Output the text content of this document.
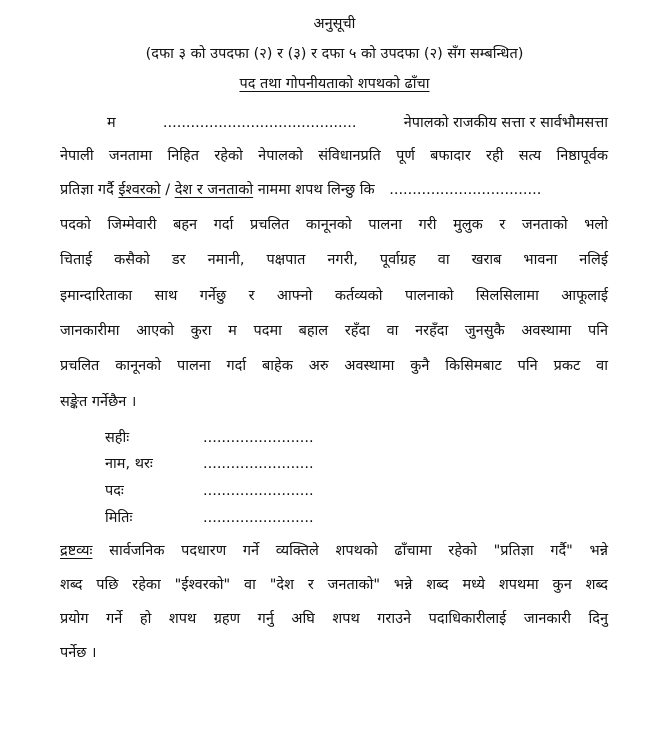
अनुसूची

(दफा ३ को उपदफा (२) र (३) र दफा ५ को उपदफा (२) सँग सम्बन्धित)

पद तथा गोपनीयताको शपथको ढाँचा

म	..........................................	नेपालको राजकीय सत्ता र सार्वभौमसत्ता

नेपाली जनतामा निहित रहेको नेपालको संविधानप्रति पूर्ण बफादार रही सत्य निष्ठापूर्वक

प्रतिज्ञा गर्दै ईश्वरको / देश र जनताको नाममा शपथ लिन्छु कि .................................

पदको जिम्मेवारी बहन गर्दा प्रचलित कानूनको पालना गरी मुलुक र जनताको भलो

चिताई कसैको डर नमानी, पक्षपात नगरी, पूर्वाग्रह वा खराब भावना नलिई

इमान्दारिताका साथ गर्नेछु र आफ्नो कर्तव्यको पालनाको सिलसिलामा आफूलाई

जानकारीमा आएको कुरा म पदमा बहाल रहँदा वा नरहँदा जुनसुकै अवस्थामा पनि

प्रचलित कानूनको पालना गर्दा बाहेक अरु अवस्थामा कुनै किसिमबाट पनि प्रकट वा

सङ्केत गर्नेछैन ।

सहीः	........................
नाम, थरः	........................
पदः	........................
मितिः	........................

द्रष्टव्यः सार्वजनिक पदधारण गर्ने व्यक्तिले शपथको ढाँचामा रहेको "प्रतिज्ञा गर्दै" भन्ने

शब्द पछि रहेका "ईश्वरको" वा "देश र जनताको" भन्ने शब्द मध्ये शपथमा कुन शब्द

प्रयोग गर्ने हो शपथ ग्रहण गर्नु अघि शपथ गराउने पदाधिकारीलाई जानकारी दिनु

पर्नेछ ।
